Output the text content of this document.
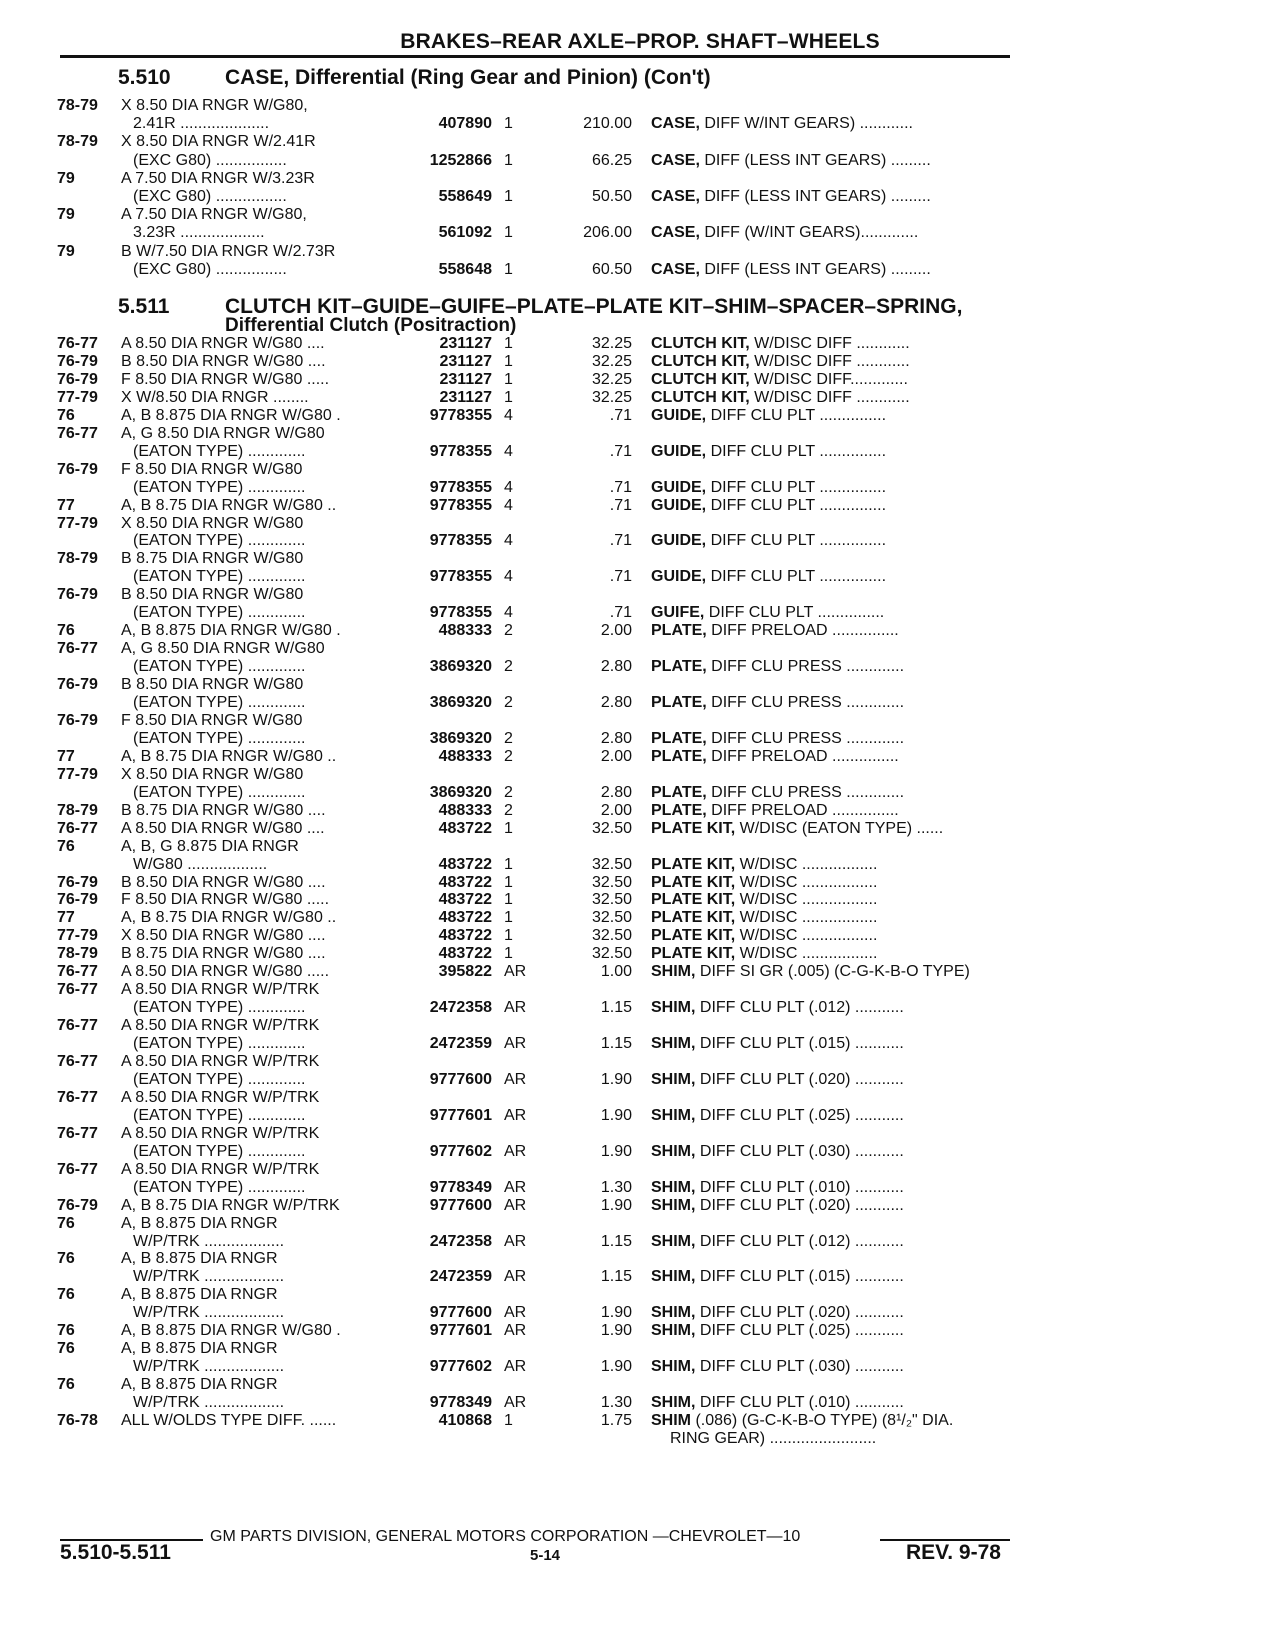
BRAKES–REAR AXLE–PROP. SHAFT–WHEELS
5.510	CASE, Differential (Ring Gear and Pinion) (Con't)
5.511	CLUTCH KIT–GUIDE–GUIFE–PLATE–PLATE KIT–SHIM–SPACER–SPRING,
Differential Clutch (Positraction)
78-79	X 8.50 DIA RNGR W/G80,
2.41R ....................	407890 1	210.00 CASE, DIFF W/INT GEARS) ............
78-79	X 8.50 DIA RNGR W/2.41R
(EXC G80) ................	1252866 1	66.25 CASE, DIFF (LESS INT GEARS) .........
79	A 7.50 DIA RNGR W/3.23R
(EXC G80) ................	558649 1	50.50 CASE, DIFF (LESS INT GEARS) .........
79	A 7.50 DIA RNGR W/G80,
3.23R ...................	561092 1	206.00 CASE, DIFF (W/INT GEARS).............
79	B W/7.50 DIA RNGR W/2.73R
(EXC G80) ................	558648 1	60.50 CASE, DIFF (LESS INT GEARS) .........
76-77	A 8.50 DIA RNGR W/G80 ....	231127 1	32.25 CLUTCH KIT, W/DISC DIFF ............
76-79	B 8.50 DIA RNGR W/G80 ....	231127 1	32.25 CLUTCH KIT, W/DISC DIFF ............
76-79	F 8.50 DIA RNGR W/G80 .....	231127 1	32.25 CLUTCH KIT, W/DISC DIFF.............
77-79	X W/8.50 DIA RNGR ........	231127 1	32.25 CLUTCH KIT, W/DISC DIFF ............
76	A, B 8.875 DIA RNGR W/G80 .	9778355 4	.71 GUIDE, DIFF CLU PLT ...............
76-77	A, G 8.50 DIA RNGR W/G80
(EATON TYPE) .............	9778355 4	.71 GUIDE, DIFF CLU PLT ...............
76-79	F 8.50 DIA RNGR W/G80
(EATON TYPE) .............	9778355 4	.71 GUIDE, DIFF CLU PLT ...............
77	A, B 8.75 DIA RNGR W/G80 ..	9778355 4	.71 GUIDE, DIFF CLU PLT ...............
77-79	X 8.50 DIA RNGR W/G80
(EATON TYPE) .............	9778355 4	.71 GUIDE, DIFF CLU PLT ...............
78-79	B 8.75 DIA RNGR W/G80
(EATON TYPE) .............	9778355 4	.71 GUIDE, DIFF CLU PLT ...............
76-79	B 8.50 DIA RNGR W/G80
(EATON TYPE) .............	9778355 4	.71 GUIFE, DIFF CLU PLT ...............
76	A, B 8.875 DIA RNGR W/G80 .	488333 2	2.00 PLATE, DIFF PRELOAD ...............
76-77	A, G 8.50 DIA RNGR W/G80
(EATON TYPE) .............	3869320 2	2.80 PLATE, DIFF CLU PRESS .............
76-79	B 8.50 DIA RNGR W/G80
(EATON TYPE) .............	3869320 2	2.80 PLATE, DIFF CLU PRESS .............
76-79	F 8.50 DIA RNGR W/G80
(EATON TYPE) .............	3869320 2	2.80 PLATE, DIFF CLU PRESS .............
77	A, B 8.75 DIA RNGR W/G80 ..	488333 2	2.00 PLATE, DIFF PRELOAD ...............
77-79	X 8.50 DIA RNGR W/G80
(EATON TYPE) .............	3869320 2	2.80 PLATE, DIFF CLU PRESS .............
78-79	B 8.75 DIA RNGR W/G80 ....	488333 2	2.00 PLATE, DIFF PRELOAD ...............
76-77	A 8.50 DIA RNGR W/G80 ....	483722 1	32.50 PLATE KIT, W/DISC (EATON TYPE) ......
76	A, B, G 8.875 DIA RNGR
W/G80 ..................	483722 1	32.50 PLATE KIT, W/DISC .................
76-79	B 8.50 DIA RNGR W/G80 ....	483722 1	32.50 PLATE KIT, W/DISC .................
76-79	F 8.50 DIA RNGR W/G80 .....	483722 1	32.50 PLATE KIT, W/DISC .................
77	A, B 8.75 DIA RNGR W/G80 ..	483722 1	32.50 PLATE KIT, W/DISC .................
77-79	X 8.50 DIA RNGR W/G80 ....	483722 1	32.50 PLATE KIT, W/DISC .................
78-79	B 8.75 DIA RNGR W/G80 ....	483722 1	32.50 PLATE KIT, W/DISC .................
76-77	A 8.50 DIA RNGR W/G80 .....	395822 AR	1.00 SHIM, DIFF SI GR (.005) (C-G-K-B-O TYPE)
76-77	A 8.50 DIA RNGR W/P/TRK
(EATON TYPE) .............	2472358 AR	1.15 SHIM, DIFF CLU PLT (.012) ...........
76-77	A 8.50 DIA RNGR W/P/TRK
(EATON TYPE) .............	2472359 AR	1.15 SHIM, DIFF CLU PLT (.015) ...........
76-77	A 8.50 DIA RNGR W/P/TRK
(EATON TYPE) .............	9777600 AR	1.90 SHIM, DIFF CLU PLT (.020) ...........
76-77	A 8.50 DIA RNGR W/P/TRK
(EATON TYPE) .............	9777601 AR	1.90 SHIM, DIFF CLU PLT (.025) ...........
76-77	A 8.50 DIA RNGR W/P/TRK
(EATON TYPE) .............	9777602 AR	1.90 SHIM, DIFF CLU PLT (.030) ...........
76-77	A 8.50 DIA RNGR W/P/TRK
(EATON TYPE) .............	9778349 AR	1.30 SHIM, DIFF CLU PLT (.010) ...........
76-79	A, B 8.75 DIA RNGR W/P/TRK	9777600 AR	1.90 SHIM, DIFF CLU PLT (.020) ...........
76	A, B 8.875 DIA RNGR
W/P/TRK ..................	2472358 AR	1.15 SHIM, DIFF CLU PLT (.012) ...........
76	A, B 8.875 DIA RNGR
W/P/TRK ..................	2472359 AR	1.15 SHIM, DIFF CLU PLT (.015) ...........
76	A, B 8.875 DIA RNGR
W/P/TRK ..................	9777600 AR	1.90 SHIM, DIFF CLU PLT (.020) ...........
76	A, B 8.875 DIA RNGR W/G80 .	9777601 AR	1.90 SHIM, DIFF CLU PLT (.025) ...........
76	A, B 8.875 DIA RNGR
W/P/TRK ..................	9777602 AR	1.90 SHIM, DIFF CLU PLT (.030) ...........
76	A, B 8.875 DIA RNGR
W/P/TRK ..................	9778349 AR	1.30 SHIM, DIFF CLU PLT (.010) ...........
76-78	ALL W/OLDS TYPE DIFF. ......	410868 1	1.75 SHIM (.086) (G-C-K-B-O TYPE) (8¹/₂" DIA.
RING GEAR) ........................
GM PARTS DIVISION, GENERAL MOTORS CORPORATION —CHEVROLET—10
5.510-5.511	5-14	REV. 9-78
